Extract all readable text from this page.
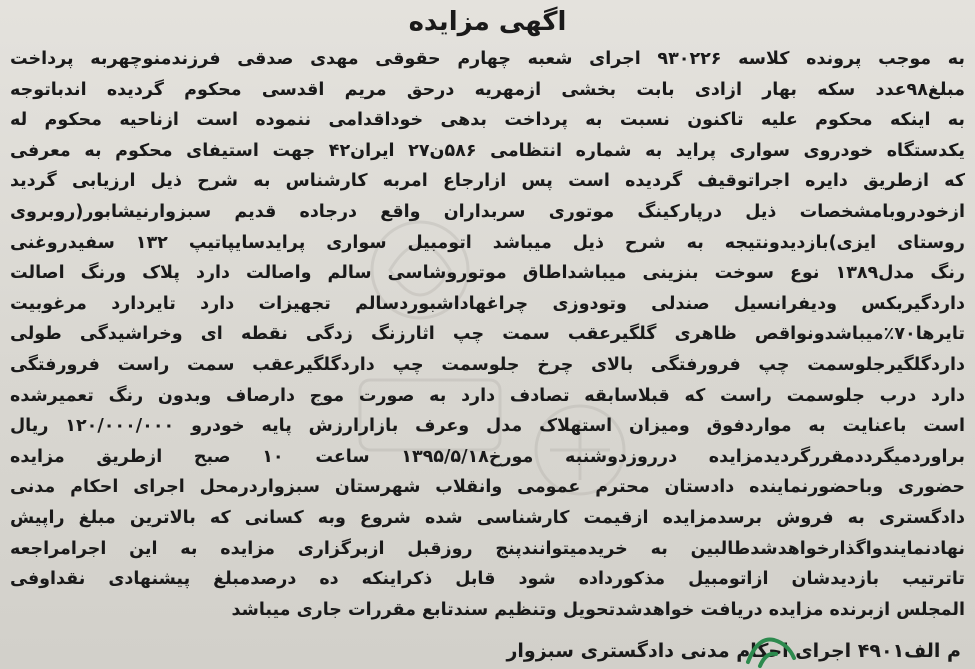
اگهی مزایده
به موجب پرونده کلاسه ۹۳۰۲۲۶ اجرای شعبه چهارم حقوقی مهدی صدقی فرزندمنوچهربه پرداخت
مبلغ۹۸عدد سکه بهار ازادی بابت بخشی ازمهریه درحق مریم اقدسی محکوم گردیده اندباتوجه
به اینکه محکوم علیه تاکنون نسبت به پرداخت بدهی خوداقدامی ننموده است ازناحیه محکوم له
یکدستگاه خودروی سواری پراید به شماره انتظامی ۵۸۶ن۲۷ ایران۴۲ جهت استیفای محکوم به معرفی
که ازطریق دایره اجراتوقیف گردیده است پس ازارجاع امربه کارشناس به شرح ذیل ارزیابی گردید
ازخودروبامشخصات ذیل درپارکینگ موتوری سربداران واقع درجاده قدیم سبزوارنیشابور(روبروی
روستای ایزی)بازدیدونتیجه به شرح ذیل میباشد اتومبیل سواری پرایدسایپاتیپ ۱۳۲ سفیدروغنی
رنگ مدل۱۳۸۹ نوع سوخت بنزینی میباشداطاق موتوروشاسی سالم واصالت دارد پلاک ورنگ اصالت
داردگیربکس ودیفرانسیل صندلی وتودوزی چراغهاداشبوردسالم تجهیزات دارد تایردارد مرغوبیت
تایرها۷۰٪میباشدونواقص ظاهری گلگیرعقب سمت چپ اثارزنگ زدگی نقطه ای وخراشیدگی طولی
داردگلگیرجلوسمت چپ فرورفتگی بالای چرخ جلوسمت چپ داردگلگیرعقب سمت راست فرورفتگی
دارد درب جلوسمت راست که قبلاسابقه تصادف دارد به صورت موج دارصاف وبدون رنگ تعمیرشده
است باعنایت به مواردفوق ومیزان استهلاک مدل وعرف بازارارزش پایه خودرو ۱۲۰/۰۰۰/۰۰۰ ریال
براوردمیگرددمقررگردیدمزایده درروزدوشنبه مورخ۱۳۹۵/۵/۱۸ ساعت ۱۰ صبح ازطریق مزایده
حضوری وباحضورنماینده دادستان محترم عمومی وانقلاب شهرستان سبزواردرمحل اجرای احکام مدنی
دادگستری به فروش برسدمزایده ازقیمت کارشناسی شده شروع وبه کسانی که بالاترین مبلغ راپیش
نهادنمایندواگذارخواهدشدطالبین به خریدمیتوانندپنج روزقبل ازبرگزاری مزایده به این اجرامراجعه
تاترتیب بازدیدشان ازاتومبیل مذکورداده شود قابل ذکراینکه ده درصدمبلغ پیشنهادی نقداوفی
المجلس ازبرنده مزایده دریافت خواهدشدتحویل وتنظیم سندتابع مقررات جاری میباشد
م الف۴۹۰۱ اجرای احکام مدنی دادگستری سبزوار
